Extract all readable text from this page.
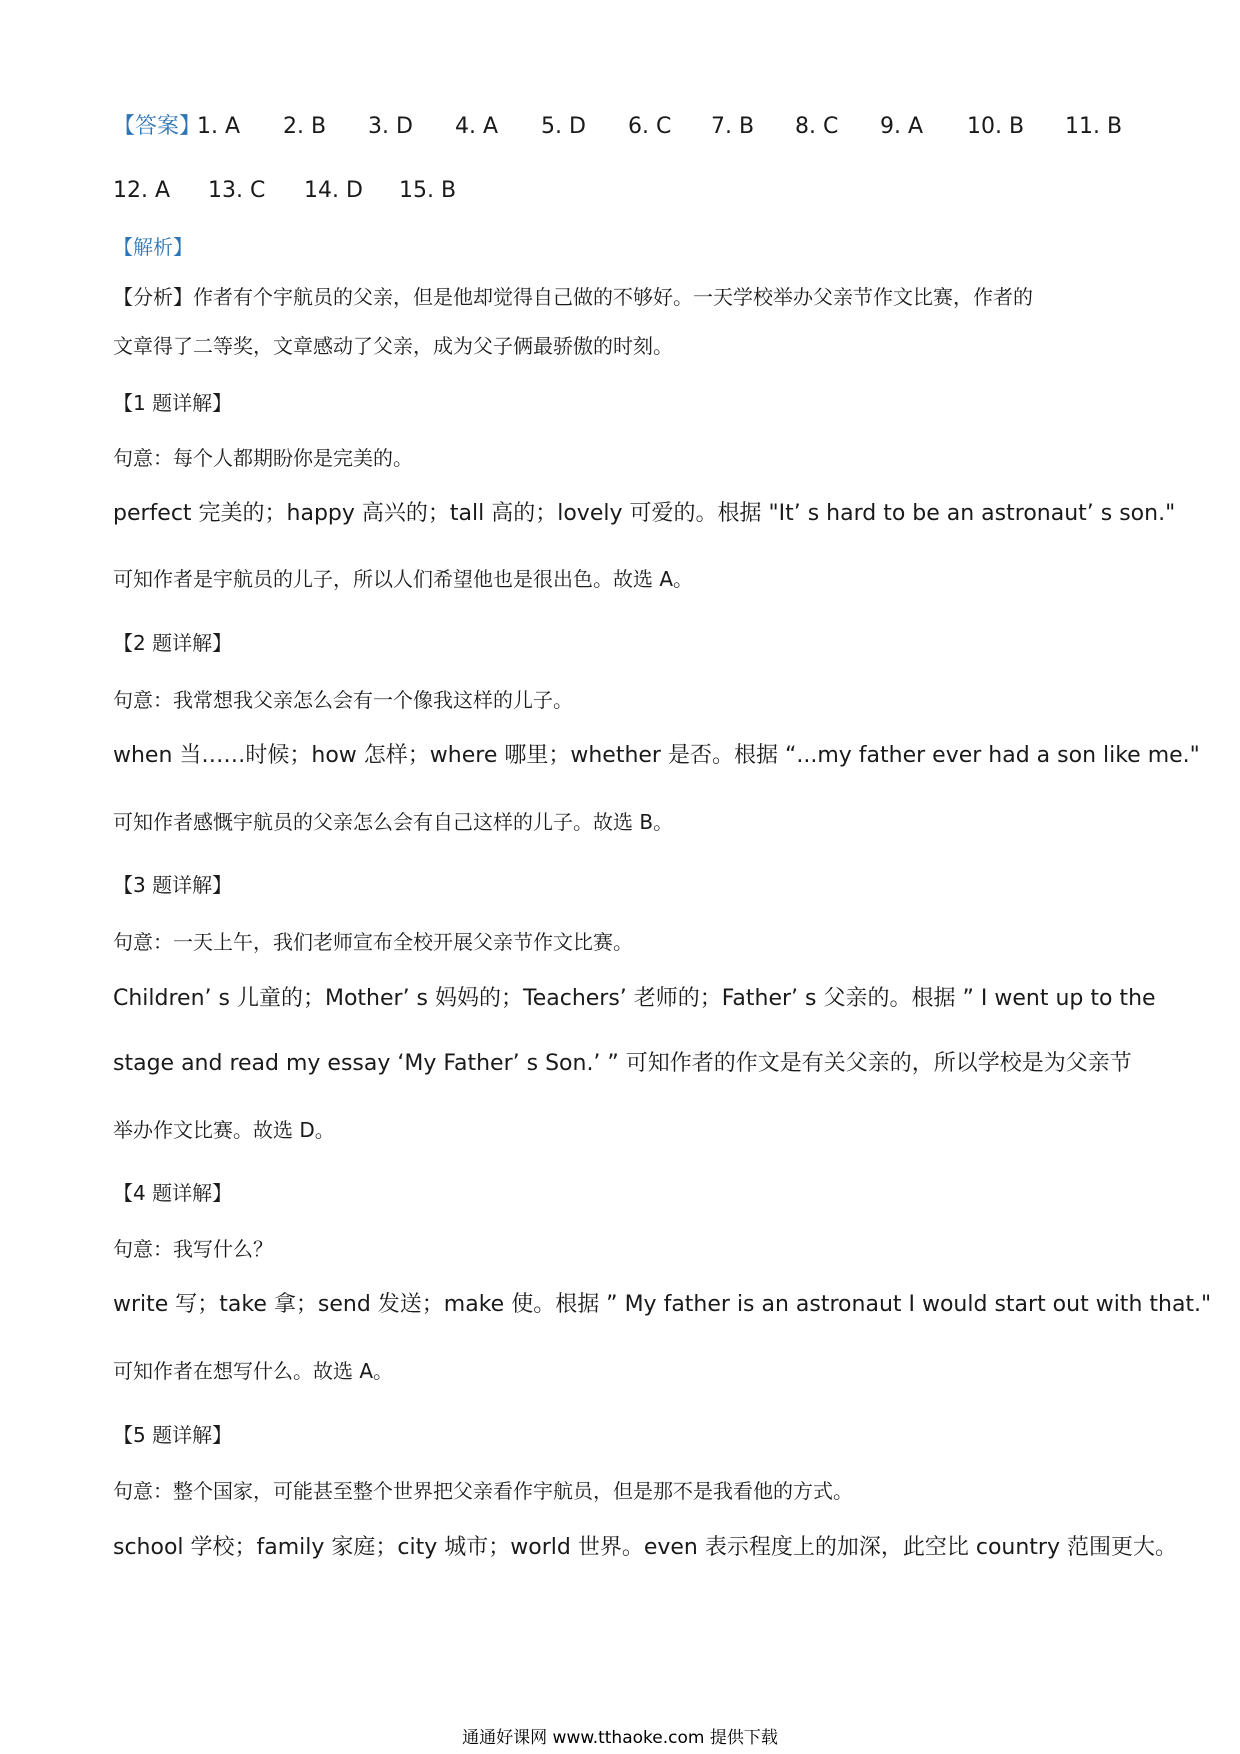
【答案】
1. A 2. B 3. D 4. A 5. D 6. C 7. B 8. C 9. A 10. B 11. B
12. A 13. C 14. D 15. B
【解析】
【分析】作者有个宇航员的父亲，但是他却觉得自己做的不够好。一天学校举办父亲节作文比赛，作者的
文章得了二等奖，文章感动了父亲，成为父子俩最骄傲的时刻。
【1 题详解】
句意：每个人都期盼你是完美的。
perfect 完美的；happy 高兴的；tall 高的；lovely 可爱的。根据 "It’ s hard to be an astronaut’ s son."
可知作者是宇航员的儿子，所以人们希望他也是很出色。故选 A。
【2 题详解】
句意：我常想我父亲怎么会有一个像我这样的儿子。
when 当……时候；how 怎样；where 哪里；whether 是否。根据 “...my father ever had a son like me."
可知作者感慨宇航员的父亲怎么会有自己这样的儿子。故选 B。
【3 题详解】
句意：一天上午，我们老师宣布全校开展父亲节作文比赛。
Children’ s 儿童的；Mother’ s 妈妈的；Teachers’ 老师的；Father’ s 父亲的。根据 ” I went up to the
stage and read my essay ‘My Father’ s Son.’ ” 可知作者的作文是有关父亲的，所以学校是为父亲节
举办作文比赛。故选 D。
【4 题详解】
句意：我写什么？
write 写；take 拿；send 发送；make 使。根据 ” My father is an astronaut I would start out with that."
可知作者在想写什么。故选 A。
【5 题详解】
句意：整个国家，可能甚至整个世界把父亲看作宇航员，但是那不是我看他的方式。
school 学校；family 家庭；city 城市；world 世界。even 表示程度上的加深，此空比 country 范围更大。
通通好课网 www.tthaoke.com 提供下载
